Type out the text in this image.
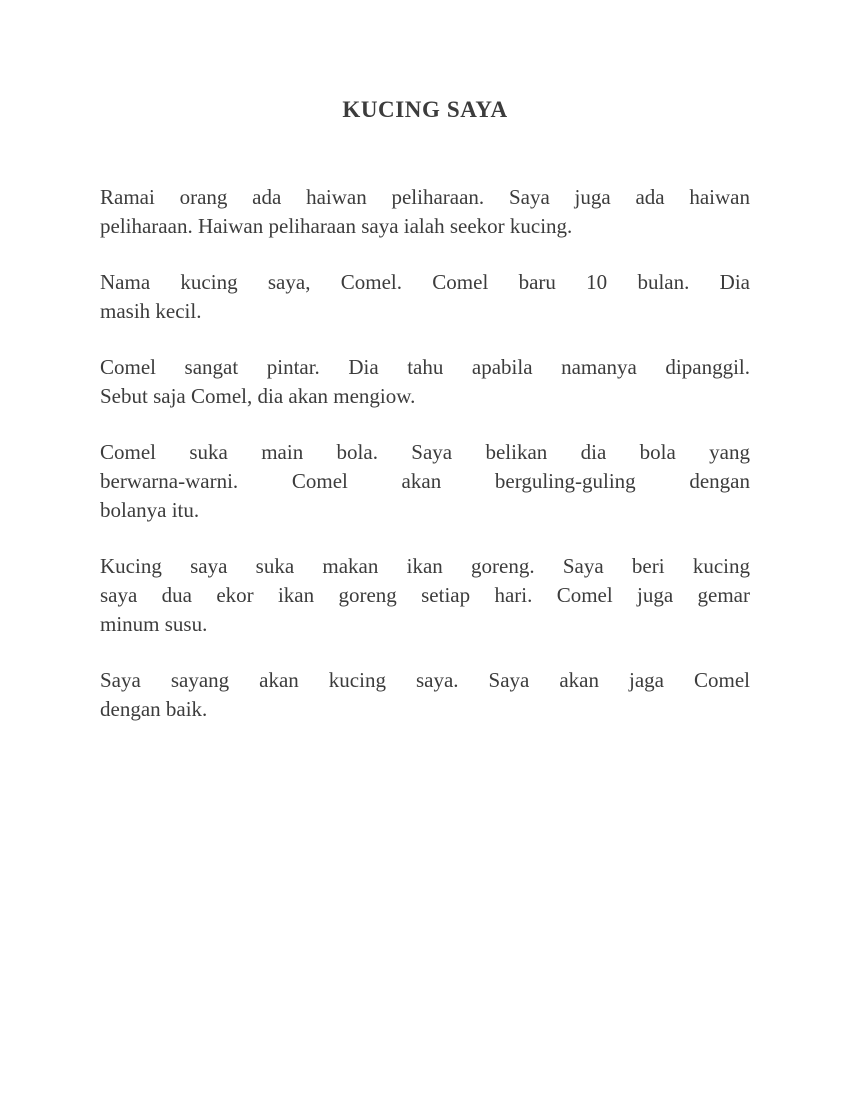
KUCING SAYA

Ramai orang ada haiwan peliharaan. Saya juga ada haiwan
peliharaan. Haiwan peliharaan saya ialah seekor kucing.

Nama kucing saya, Comel. Comel baru 10 bulan. Dia
masih kecil.

Comel sangat pintar. Dia tahu apabila namanya dipanggil.
Sebut saja Comel, dia akan mengiow.

Comel suka main bola. Saya belikan dia bola yang
berwarna-warni. Comel akan berguling-guling dengan
bolanya itu.

Kucing saya suka makan ikan goreng. Saya beri kucing
saya dua ekor ikan goreng setiap hari. Comel juga gemar
minum susu.

Saya sayang akan kucing saya. Saya akan jaga Comel
dengan baik.
